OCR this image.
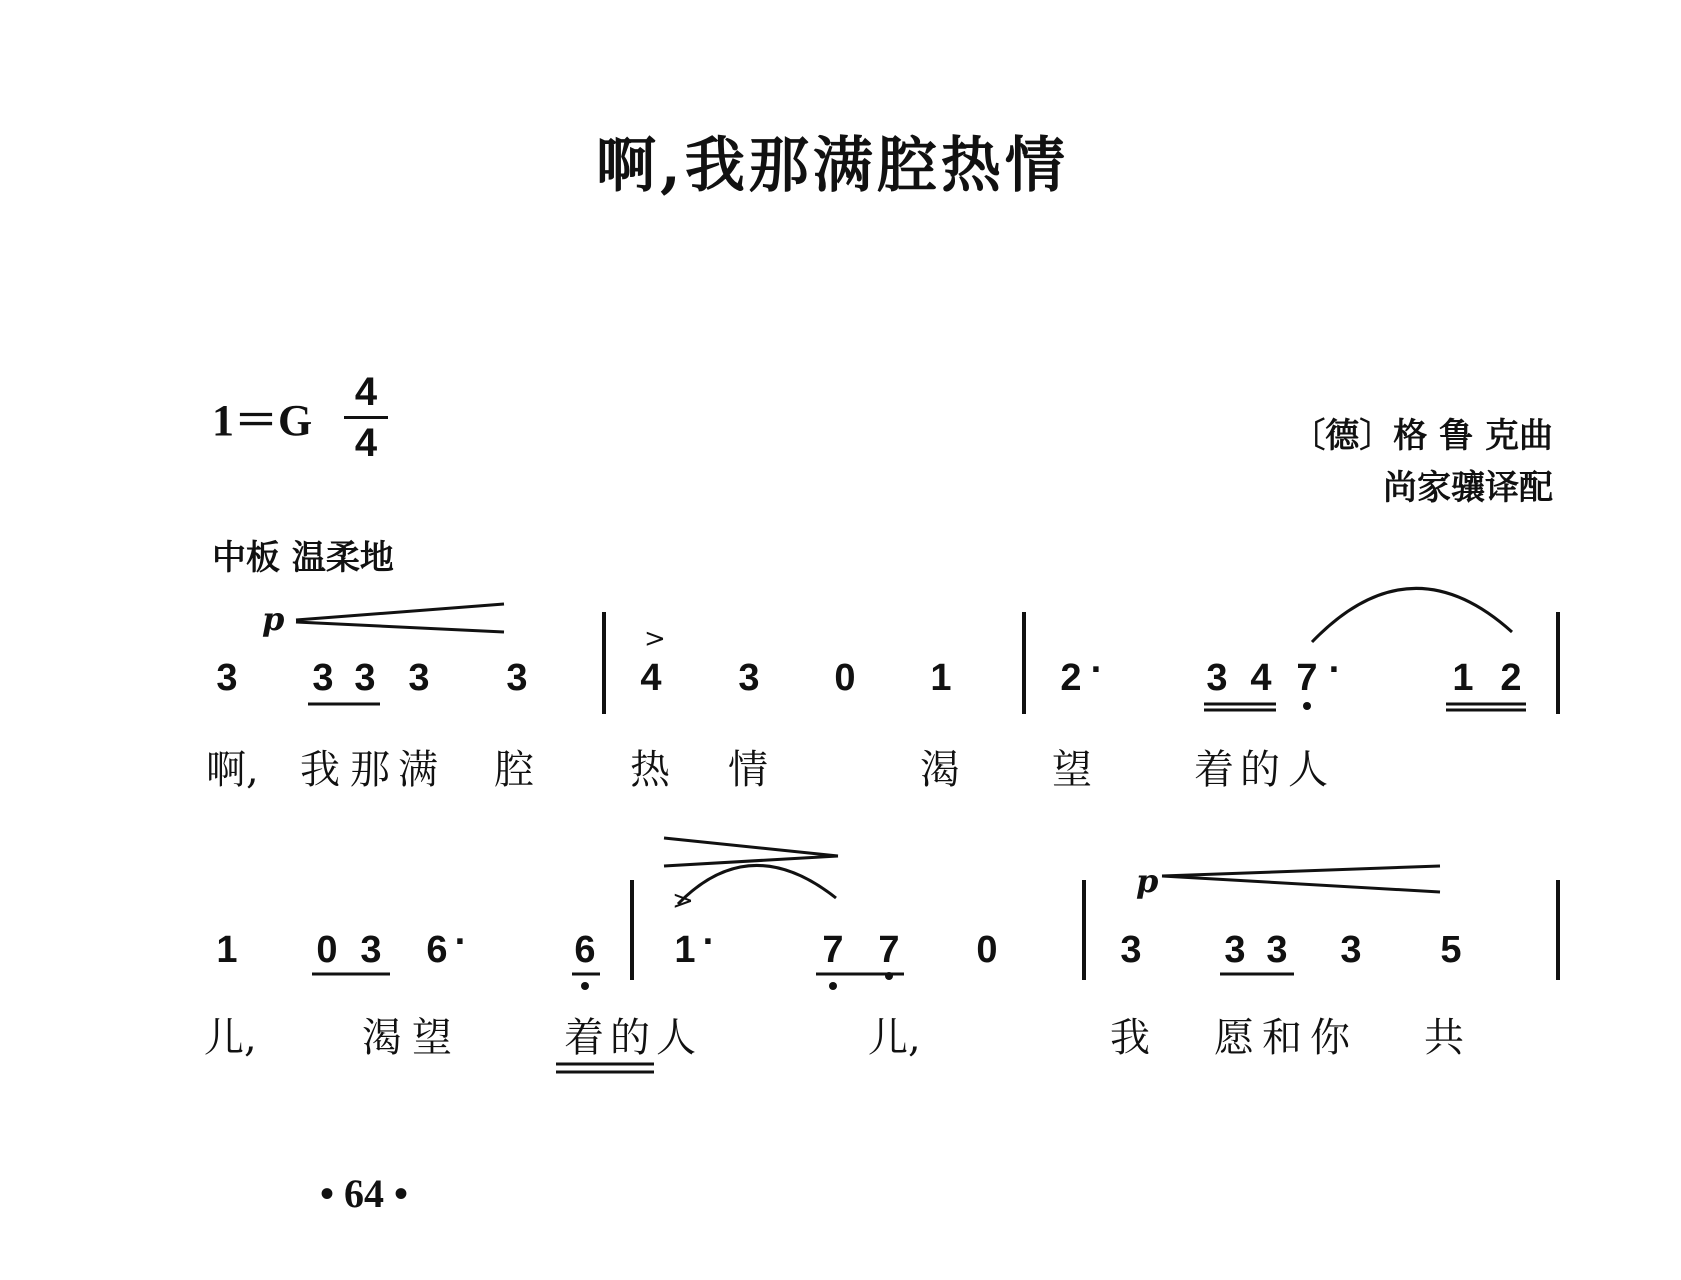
啊,我那满腔热情
1＝G
4
4	〔德〕格 鲁 克曲
尚家骧译配
中板 温柔地
p
p
>
>
3 3 3 3 3	4 3 0 1	2 ·	3 4 7 ·	1 2
啊, 我 那 满 腔 热 情	渴 望	着 的 人
1 0 3 6 ·	6 1 ·	7 7 0	3 3 3 3 5
儿,	渴 望	着 的 人	儿,	我 愿 和 你 共
• 64 •
